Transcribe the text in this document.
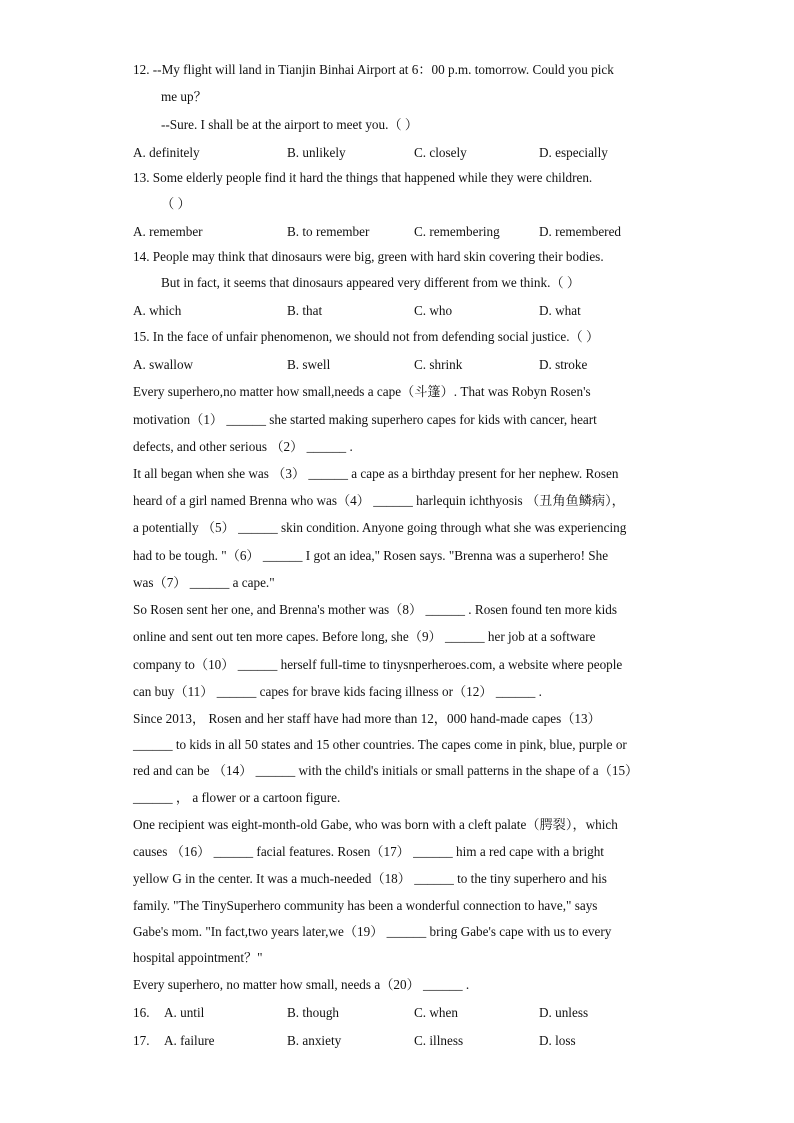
12. --My flight will land in Tianjin Binhai Airport at 6：00 p.m. tomorrow. Could you pick
me up？
--Sure. I shall be at the airport to meet you.（ ）
A. definitely	B. unlikely	C. closely	D. especially
13. Some elderly people find it hard the things that happened while they were children.
（ ）
A. remember	B. to remember	C. remembering	D. remembered
14. People may think that dinosaurs were big, green with hard skin covering their bodies.
But in fact, it seems that dinosaurs appeared very different from we think.（ ）
A. which	B. that	C. who	D. what
15. In the face of unfair phenomenon, we should not from defending social justice.（ ）
A. swallow	B. swell	C. shrink	D. stroke
Every superhero,no matter how small,needs a cape（斗篷）. That was Robyn Rosen's
motivation（1） ______ she started making superhero capes for kids with cancer, heart
defects, and other serious （2） ______ .
It all began when she was （3） ______ a cape as a birthday present for her nephew. Rosen
heard of a girl named Brenna who was（4） ______ harlequin ichthyosis （丑角鱼鳞病），
a potentially （5） ______ skin condition. Anyone going through what she was experiencing
had to be tough. "（6） ______ I got an idea," Rosen says. "Brenna was a superhero! She
was（7） ______ a cape."
So Rosen sent her one, and Brenna's mother was（8） ______ . Rosen found ten more kids
online and sent out ten more capes. Before long, she（9） ______ her job at a software
company to（10） ______ herself full-time to tinysnperheroes.com, a website where people
can buy（11） ______ capes for brave kids facing illness or（12） ______ .
Since 2013， Rosen and her staff have had more than 12，000 hand-made capes（13）
______ to kids in all 50 states and 15 other countries. The capes come in pink, blue, purple or
red and can be （14） ______ with the child's initials or small patterns in the shape of a（15）
______ ， a flower or a cartoon figure.
One recipient was eight-month-old Gabe, who was born with a cleft palate（腭裂），which
causes （16） ______ facial features. Rosen（17） ______ him a red cape with a bright
yellow G in the center. It was a much-needed（18） ______ to the tiny superhero and his
family. "The TinySuperhero community has been a wonderful connection to have," says
Gabe's mom. "In fact,two years later,we（19） ______ bring Gabe's cape with us to every
hospital appointment？"
Every superhero, no matter how small, needs a（20） ______ .
16. A. until	B. though	C. when	D. unless
17. A. failure	B. anxiety	C. illness	D. loss
